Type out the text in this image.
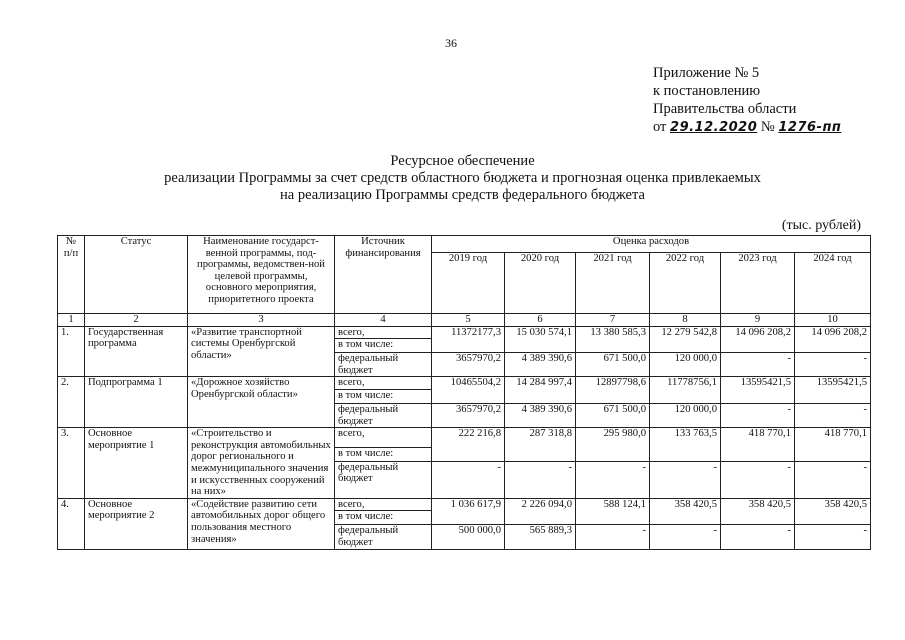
36
Приложение № 5
к постановлению
Правительства области
от 29.12.2020 № 1276-пп
Ресурсное обеспечение
реализации Программы за счет средств областного бюджета и прогнозная оценка привлекаемых
на реализацию Программы средств федерального бюджета
(тыс. рублей)
№ п/п	Статус	Наименование государст-венной программы, под-программы, ведомствен-ной целевой программы, основного мероприятия, приоритетного проекта	Источник финансирования	Оценка расходов					
				2019 год	2020 год	2021 год	2022 год	2023 год	2024 год
1	2	3	4	5	6	7	8	9	10
1.	Государственная программа	«Развитие транспортной системы Оренбургской области»	всего,	11372177,3	15 030 574,1	13 380 585,3	12 279 542,8	14 096 208,2	14 096 208,2
			в том числе:						
			федеральный бюджет	3657970,2	4 389 390,6	671 500,0	120 000,0	-	-
2.	Подпрограмма 1	«Дорожное хозяйство Оренбургской области»	всего,	10465504,2	14 284 997,4	12897798,6	11778756,1	13595421,5	13595421,5
			в том числе:						
			федеральный бюджет	3657970,2	4 389 390,6	671 500,0	120 000,0	-	-
3.	Основное мероприятие 1	«Строительство и реконструкция автомобильных дорог регионального и межмуниципального значения и искусственных сооружений на них»	всего,	222 216,8	287 318,8	295 980,0	133 763,5	418 770,1	418 770,1
			в том числе:						
			федеральный бюджет	-	-	-	-	-	-
4.	Основное мероприятие 2	«Содействие развитию сети автомобильных дорог общего пользования местного значения»	всего,	1 036 617,9	2 226 094,0	588 124,1	358 420,5	358 420,5	358 420,5
			в том числе:						
			федеральный бюджет	500 000,0	565 889,3	-	-	-	-
